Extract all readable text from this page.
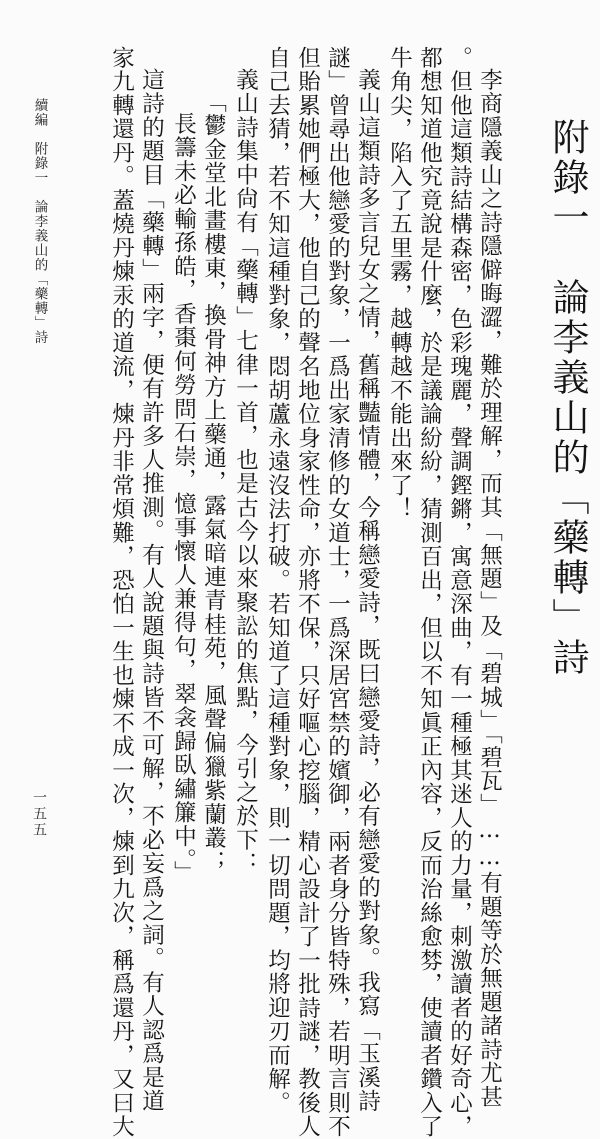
附錄一　論李義山的「藥轉」詩
李商隱義山之詩隱僻晦澀，難於理解，而其「無題」及「碧城」「碧瓦」……有題等於無題諸詩尤甚
。但他這類詩結構森密，色彩瑰麗，聲調鏗鏘，寓意深曲，有一種極其迷人的力量，刺激讀者的好奇心，
都想知道他究竟說是什麼，於是議論紛紛，猜測百出，但以不知眞正內容，反而治絲愈棼，使讀者鑽入了
牛角尖，陷入了五里霧，越轉越不能出來了！
義山這類詩多言兒女之情，舊稱豔情體，今稱戀愛詩，既曰戀愛詩，必有戀愛的對象。我寫「玉溪詩
謎」曾尋出他戀愛的對象，一爲出家清修的女道士，一爲深居宮禁的嬪御，兩者身分皆特殊，若明言則不
但貽累她們極大，他自己的聲名地位身家性命，亦將不保，只好嘔心挖腦，精心設計了一批詩謎，教後人
自己去猜，若不知這種對象，悶胡蘆永遠沒法打破。若知道了這種對象，則一切問題，均將迎刃而解。
義山詩集中尙有「藥轉」七律一首，也是古今以來聚訟的焦點，今引之於下：
「鬱金堂北畫樓東，換骨神方上藥通，露氣暗連青桂苑，風聲偏獵紫蘭叢；
長籌未必輸孫皓，香棗何勞問石崇，憶事懷人兼得句，翠衾歸臥繡簾中。」
這詩的題目「藥轉」兩字，便有許多人推測。有人說題與詩皆不可解，不必妄爲之詞。有人認爲是道
家九轉還丹。蓋燒丹煉汞的道流，煉丹非常煩難，恐怕一生也煉不成一次，煉到九次，稱爲還丹，又曰大
續編　附錄一　論李義山的「藥轉」詩
一五五
